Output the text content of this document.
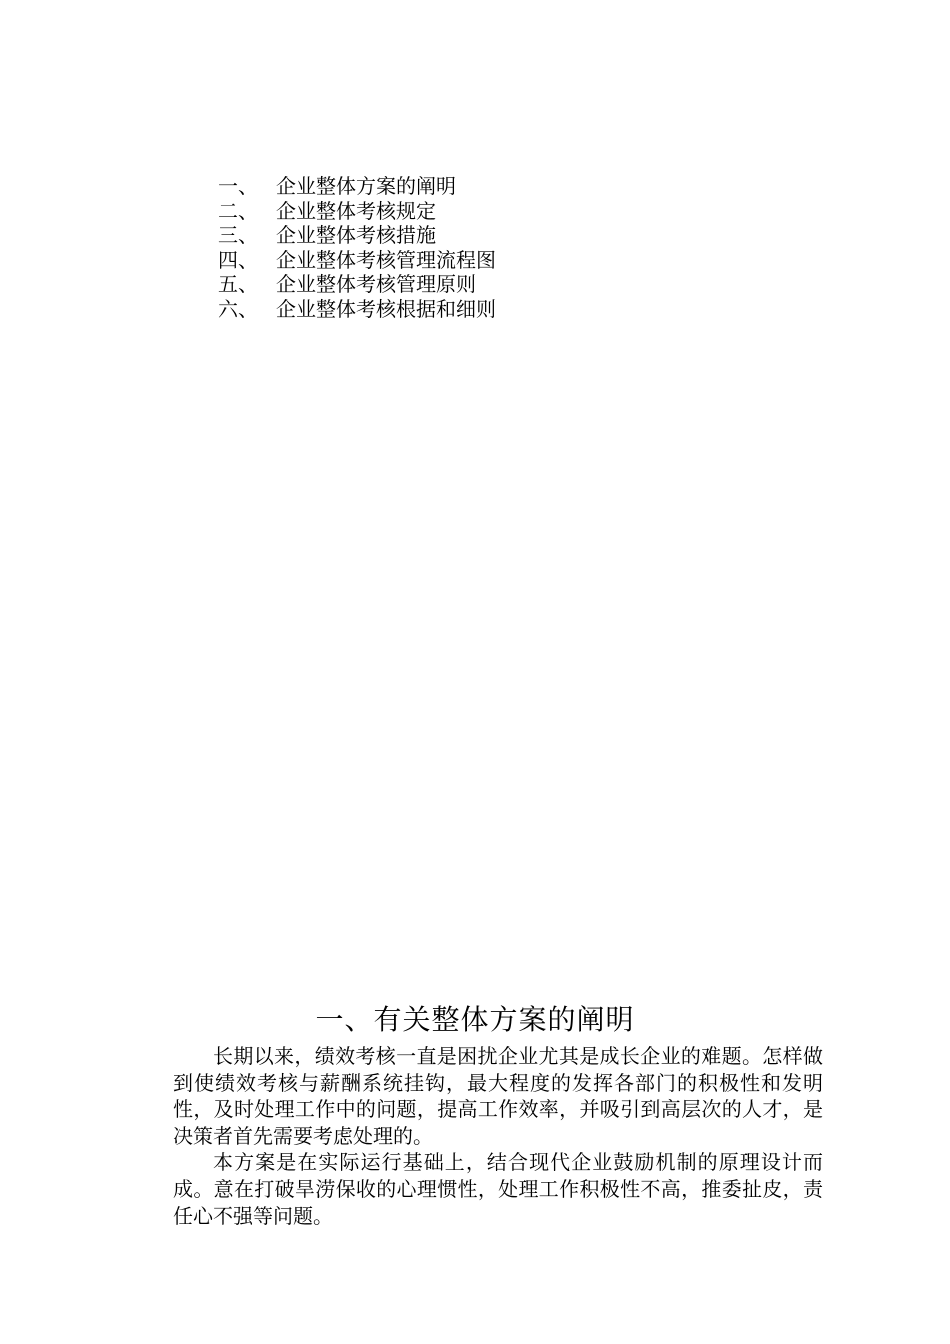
一、 企业整体方案的阐明
二、 企业整体考核规定
三、 企业整体考核措施
四、 企业整体考核管理流程图
五、 企业整体考核管理原则
六、 企业整体考核根据和细则
一、有关整体方案的阐明

长期以来，绩效考核一直是困扰企业尤其是成长企业的难题。怎样做到使绩效考核与薪酬系统挂钩，最大程度的发挥各部门的积极性和发明性，及时处理工作中的问题，提高工作效率，并吸引到高层次的人才，是决策者首先需要考虑处理的。

本方案是在实际运行基础上，结合现代企业鼓励机制的原理设计而成。意在打破旱涝保收的心理惯性，处理工作积极性不高，推委扯皮，责任心不强等问题。
